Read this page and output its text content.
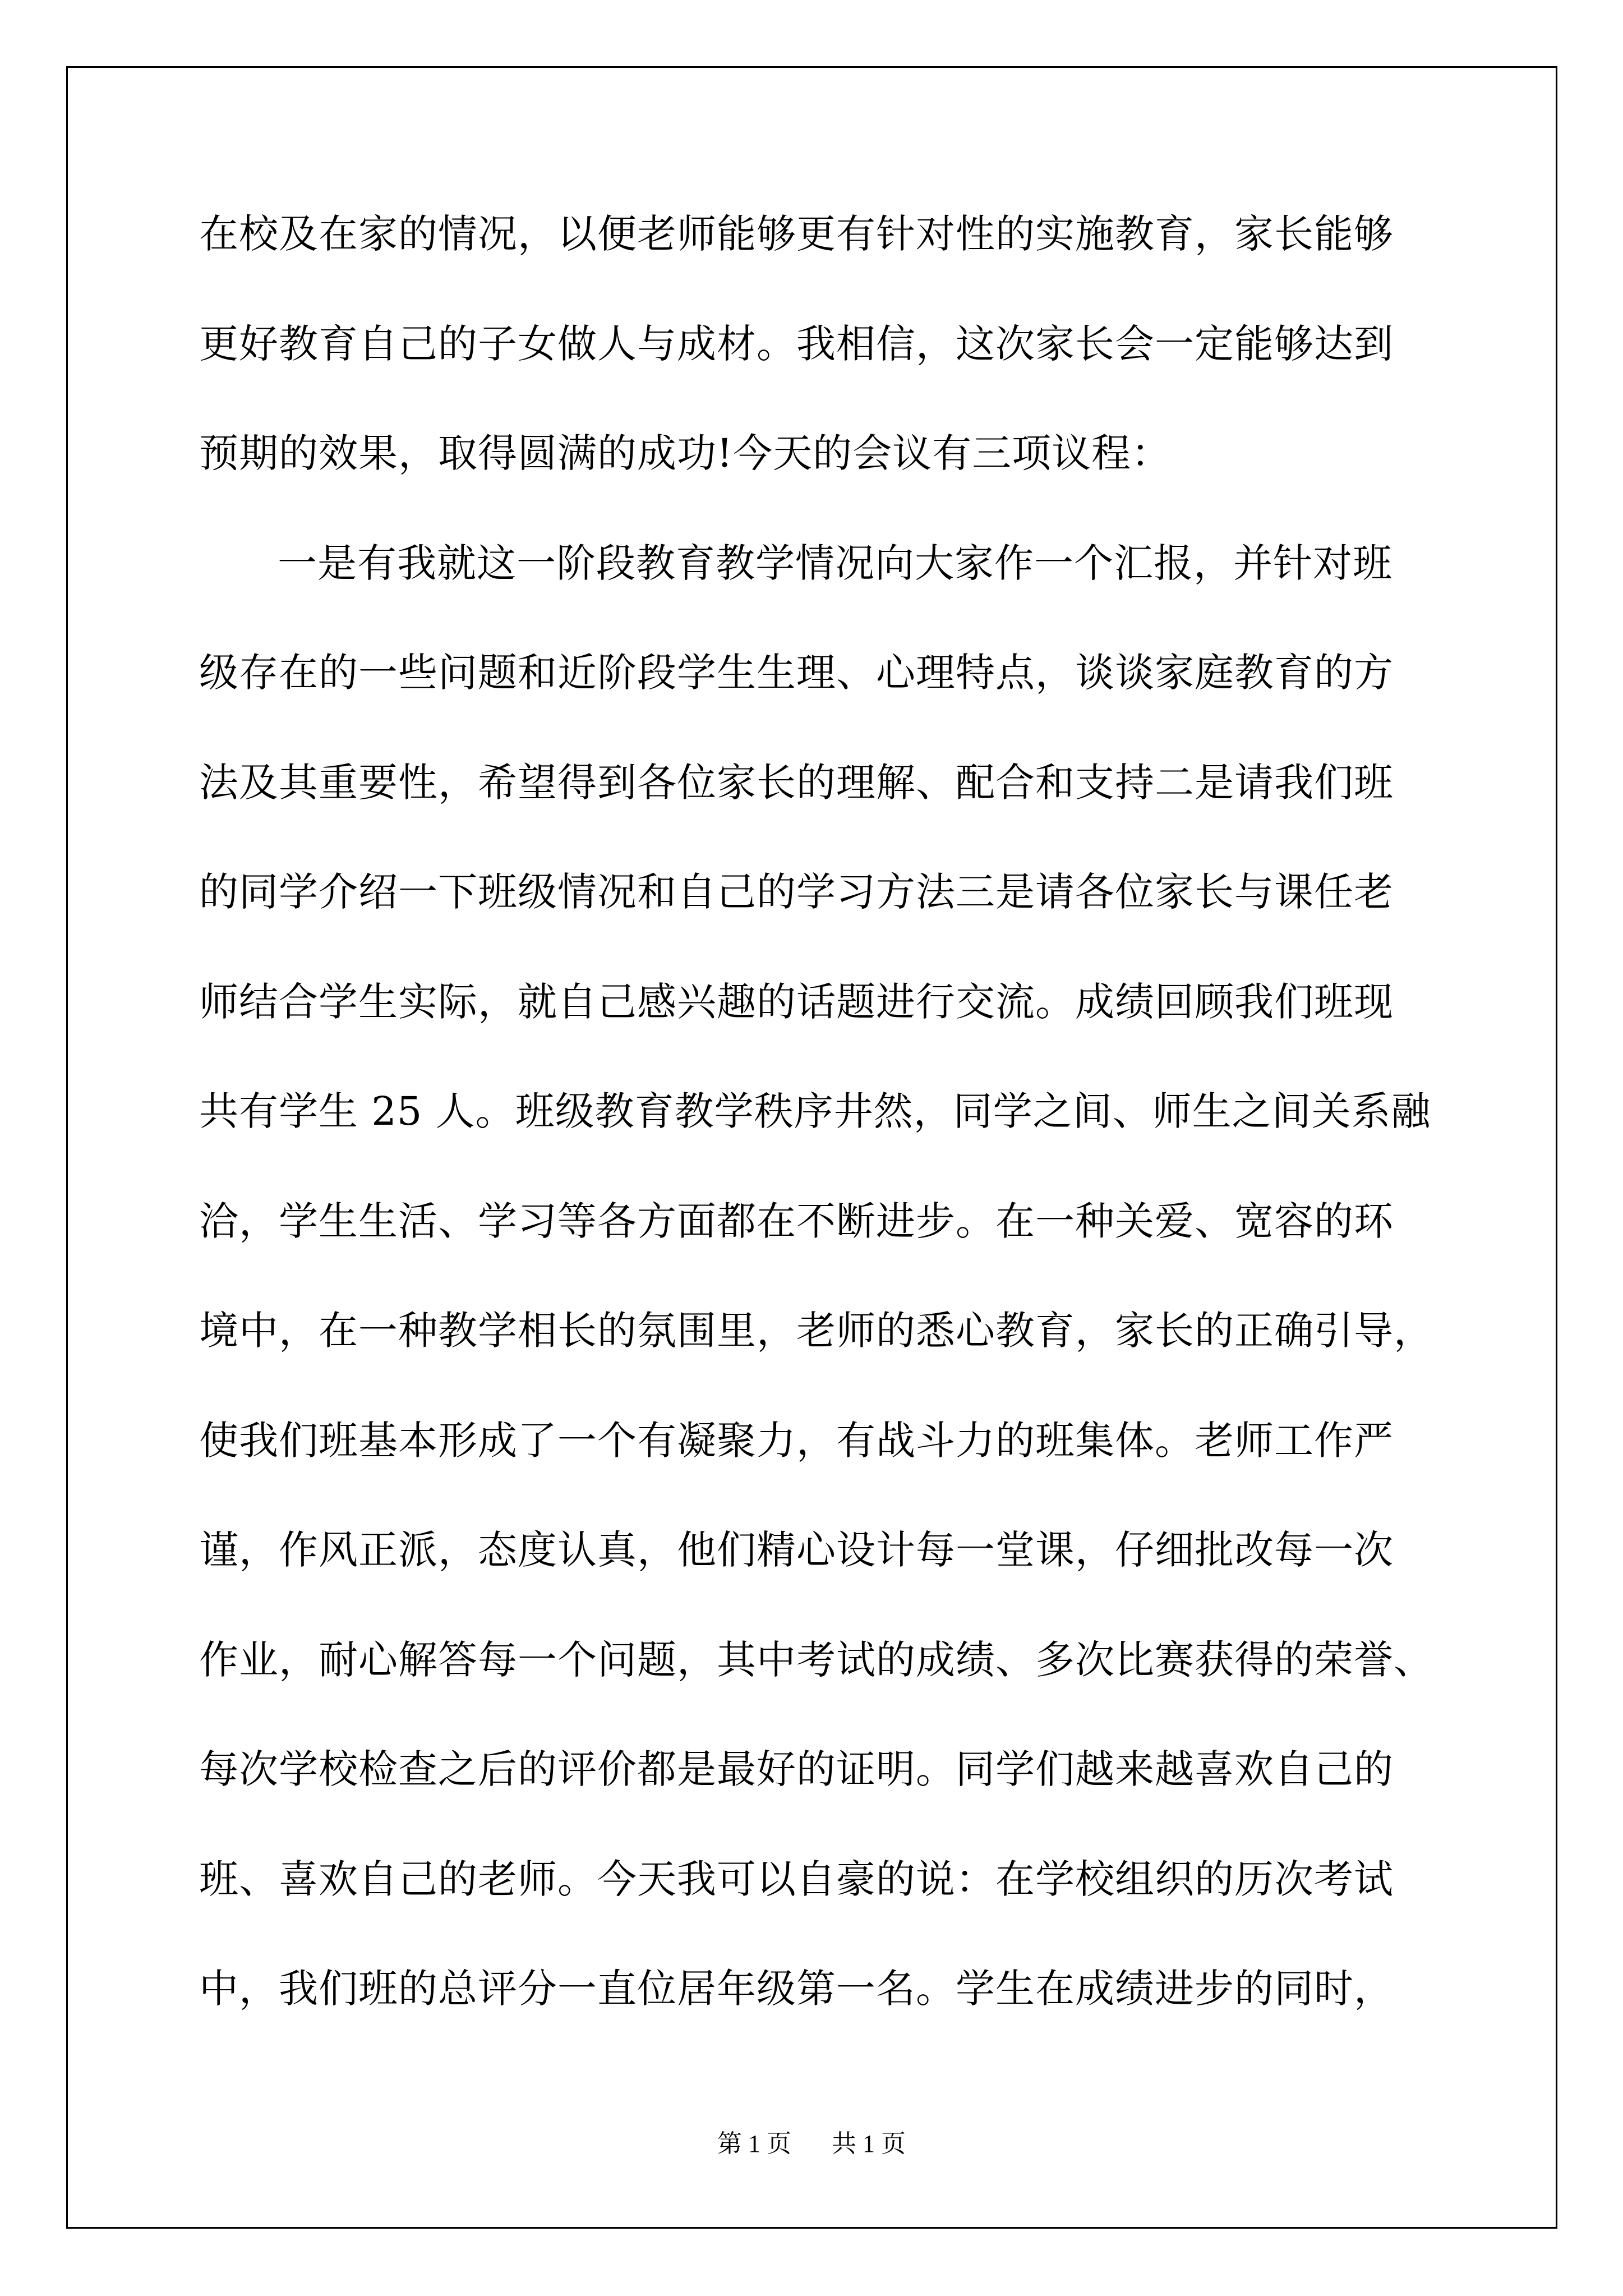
在校及在家的情况，以便老师能够更有针对性的实施教育，家长能够
更好教育自己的子女做人与成材。我相信，这次家长会一定能够达到
预期的效果，取得圆满的成功!今天的会议有三项议程：
一是有我就这一阶段教育教学情况向大家作一个汇报，并针对班
级存在的一些问题和近阶段学生生理、心理特点，谈谈家庭教育的方
法及其重要性，希望得到各位家长的理解、配合和支持二是请我们班
的同学介绍一下班级情况和自己的学习方法三是请各位家长与课任老
师结合学生实际，就自己感兴趣的话题进行交流。成绩回顾我们班现
共有学生 25 人。班级教育教学秩序井然，同学之间、师生之间关系融
洽，学生生活、学习等各方面都在不断进步。在一种关爱、宽容的环
境中，在一种教学相长的氛围里，老师的悉心教育，家长的正确引导，
使我们班基本形成了一个有凝聚力，有战斗力的班集体。老师工作严
谨，作风正派，态度认真，他们精心设计每一堂课，仔细批改每一次
作业，耐心解答每一个问题，其中考试的成绩、多次比赛获得的荣誉、
每次学校检查之后的评价都是最好的证明。同学们越来越喜欢自己的
班、喜欢自己的老师。今天我可以自豪的说：在学校组织的历次考试
中，我们班的总评分一直位居年级第一名。学生在成绩进步的同时，
第 1 页 共 1 页
